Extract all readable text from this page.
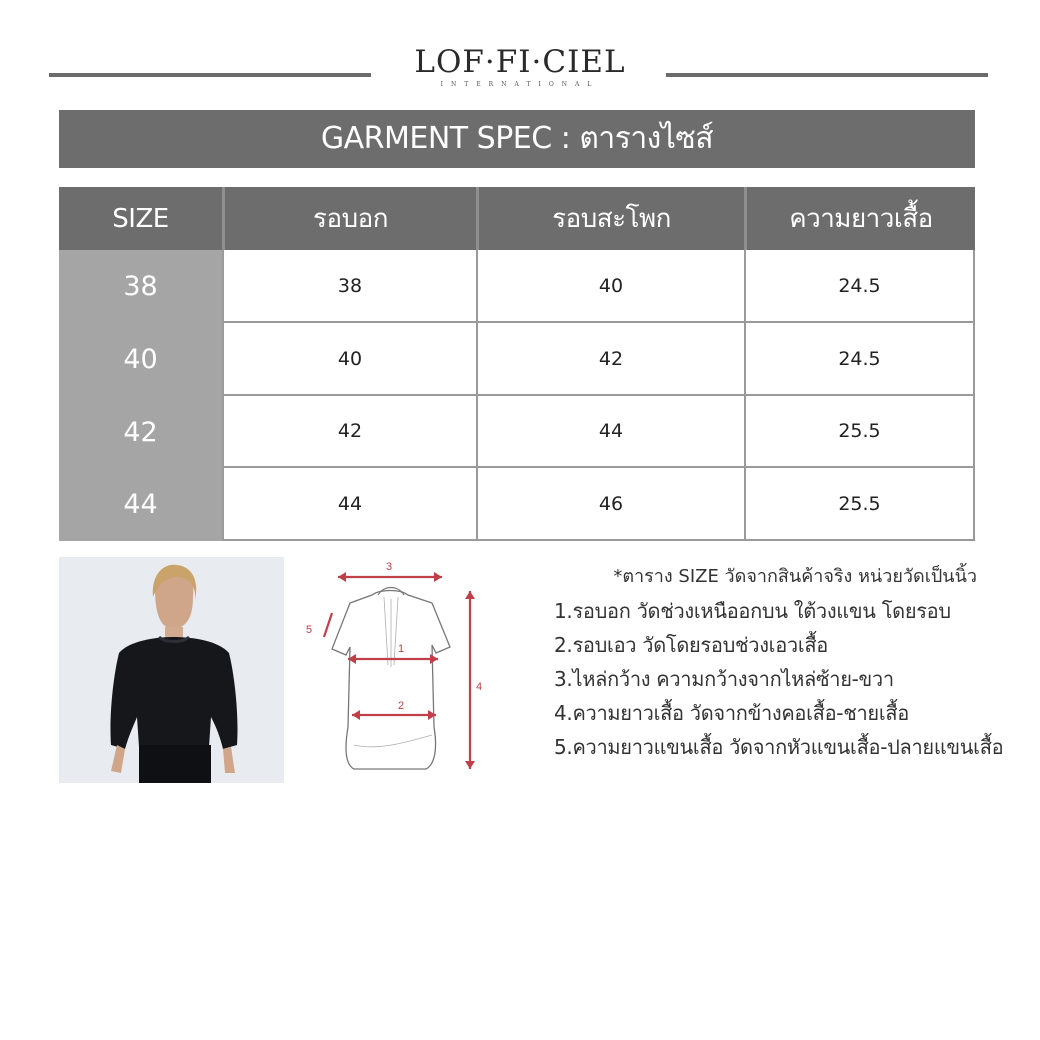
LOF·FI·CIEL
INTERNATIONAL
GARMENT SPEC : ตารางไซส์
SIZE	รอบอก	รอบสะโพก	ความยาวเสื้อ
38	38	40	24.5
40	40	42	24.5
42	42	44	25.5
44	44	46	25.5
3
5
1
4
2
*ตาราง SIZE วัดจากสินค้าจริง หน่วยวัดเป็นนิ้ว
1.รอบอก วัดช่วงเหนืออกบน ใต้วงแขน โดยรอบ
2.รอบเอว วัดโดยรอบช่วงเอวเสื้อ
3.ไหล่กว้าง ความกว้างจากไหล่ซ้าย-ขวา
4.ความยาวเสื้อ วัดจากข้างคอเสื้อ-ชายเสื้อ
5.ความยาวแขนเสื้อ วัดจากหัวแขนเสื้อ-ปลายแขนเสื้อ
